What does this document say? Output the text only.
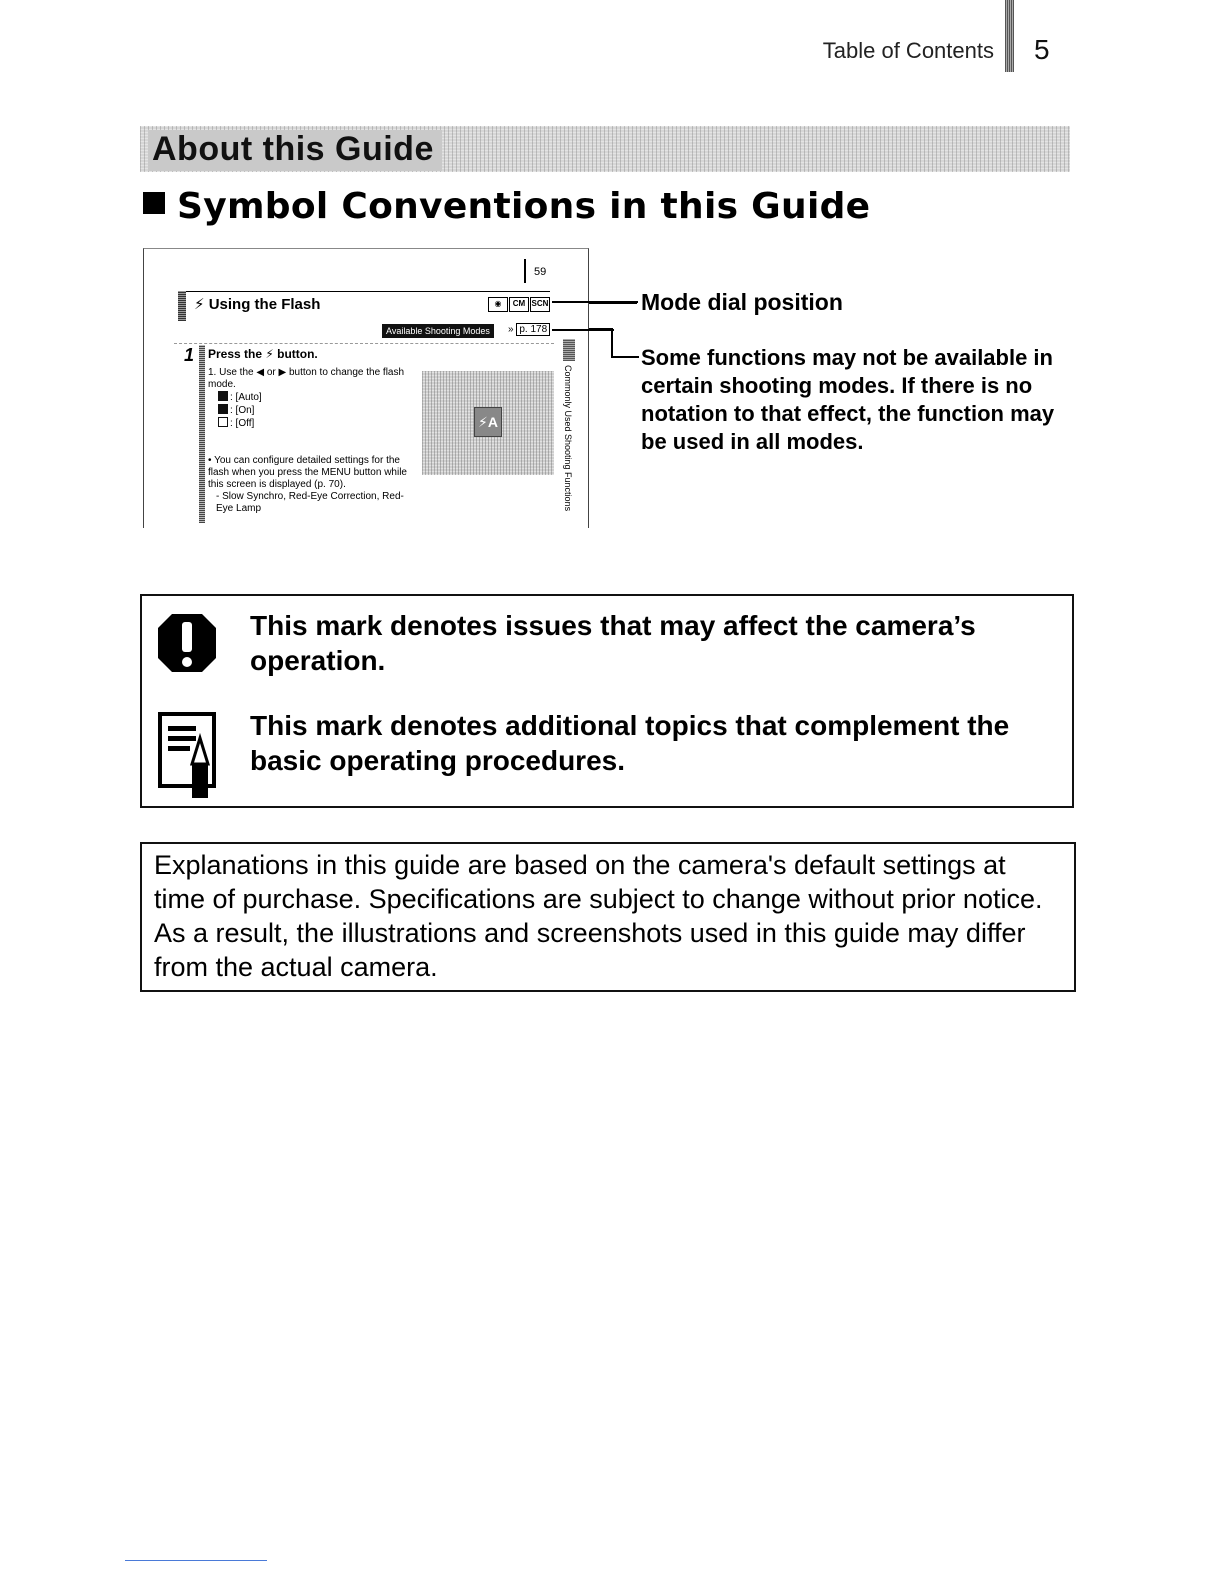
Table of Contents 5
About this Guide
Symbol Conventions in this Guide
59
⚡ Using the Flash	◉	CM SCN
Available Shooting Modes	» p. 178
1 Press the ⚡ button.
1. Use the ◀ or ▶ button to change the flash mode.
: [Auto]
: [On]
: [Off]
• You can configure detailed settings for the flash when you press the MENU button while this screen is displayed (p. 70).
- Slow Synchro, Red-Eye Correction, Red-Eye Lamp
⚡A	Commonly Used Shooting Functions
Mode dial position
Some functions may not be available in certain shooting modes. If there is no notation to that effect, the function may be used in all modes.
This mark denotes issues that may affect the camera’s operation.
This mark denotes additional topics that complement the basic operating procedures.
Explanations in this guide are based on the camera's default settings at time of purchase. Specifications are subject to change without prior notice. As a result, the illustrations and screenshots used in this guide may differ from the actual camera.
